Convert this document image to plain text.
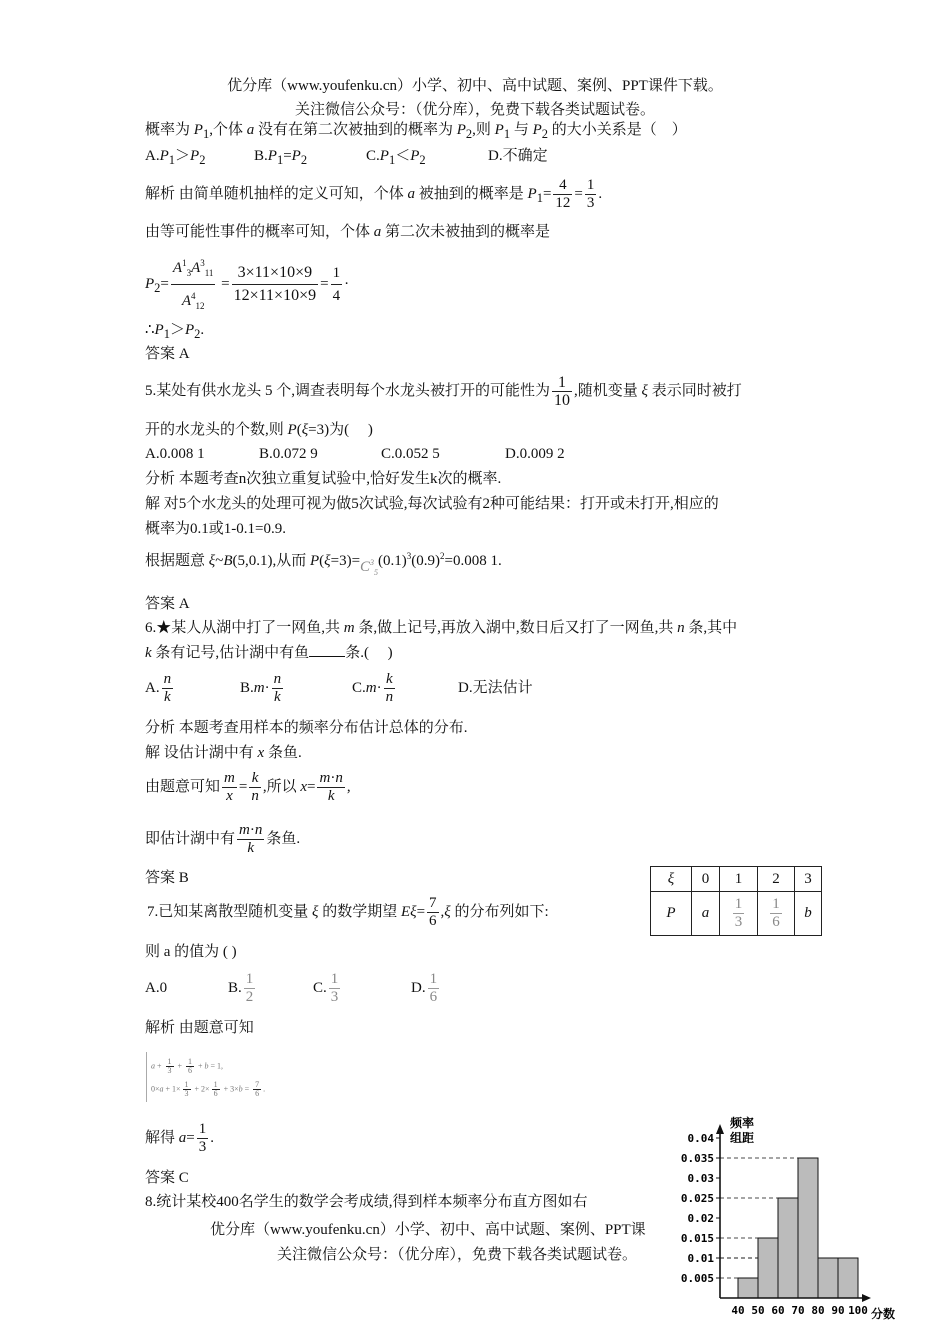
优分库（www.youfenku.cn）小学、初中、高中试题、案例、PPT课件下载。
关注微信公众号：（优分库），免费下载各类试题试卷。
概率为 $P_1$,个体 a 没有在第二次被抽到的概率为 $P_2$,则 $P_1$ 与 $P_2$ 的大小关系是（　）
$A.P_1>P_2$	$B.P_1=P_2$	$C.P_1<P_2$	D.不确定
解析 由简单随机抽样的定义可知，个体 a 被抽到的概率是 $P_1= \frac{4}{12} = \frac{1}{3}$ .
由等可能性事件的概率可知，个体 a 第二次未被抽到的概率是
$P_2= \frac{A^1_3A^3_{11}}{A^4_{12}} = \frac{3\times 11\times 10\times 9}{12\times 11\times 10\times 9} = \frac{1}{4}$ ·
$\therefore P_1>P_2$.
答案 A
5.某处有供水龙头 5 个,调查表明每个水龙头被打开的可能性为 $\frac{1}{10}$ ,随机变量 ξ 表示同时被打
开的水龙头的个数,则 P(ξ=3)为(　 )
A.0.008 1	B.0.072 9	C.0.052 5	D.0.009 2
分析 本题考查n次独立重复试验中,恰好发生k次的概率.
解 对5个水龙头的处理可视为做5次试验,每次试验有2种可能结果：打开或未打开,相应的
概率为0.1或1-0.1=0.9.
根据题意 ξ~B(5,0.1),从而 $P(\xi=3)=C^3_5(0.1)^3(0.9)^2=0.008$ 1.
答案 A
6.★某人从湖中打了一网鱼,共 m 条,做上记号,再放入湖中,数日后又打了一网鱼,共 n 条,其中
k 条有记号,估计湖中有鱼 条.(　 )
A. $\frac{n}{k}$	$B.m\cdot \frac{n}{k}$	$C.m\cdot \frac{k}{n}$	D.无法估计
分析 本题考查用样本的频率分布估计总体的分布.
解 设估计湖中有 x 条鱼.
由题意可知 $\frac{m}{x} = \frac{k}{n}$ ,所以 $x= \frac{m\cdot n}{k}$ ,
即估计湖中有 $\frac{m\cdot n}{k}$ 条鱼.
答案 B	ξ	0	1	2	3
P	a	$\frac{1}{3}$	$\frac{1}{6}$	b
7.已知某离散型随机变量 ξ 的数学期望 $E\xi= \frac{7}{6} ,\xi$ 的分布列如下:
则 a 的值为 ( )
A.0	B. $\frac{1}{2}$	C. $\frac{1}{3}$	D. $\frac{1}{6}$
解析 由题意可知
$a + \frac{1}{3} + \frac{1}{6} + b = 1$,
$0\times a + 1\times \frac{1}{3} + 2\times \frac{1}{6} + 3\times b = \frac{7}{6}$ .
解得 $a= \frac{1}{3}$ .
答案 C
8.统计某校400名学生的数学会考成绩,得到样本频率分布直方图如右
优分库（www.youfenku.cn）小学、初中、高中试题、案例、PPT课
关注微信公众号：（优分库），免费下载各类试题试卷。
0.005
0.01
0.015
0.02
0.025
0.03
0.035
0.04
40 50 60 70 80 90 100
频率
组距
分数
